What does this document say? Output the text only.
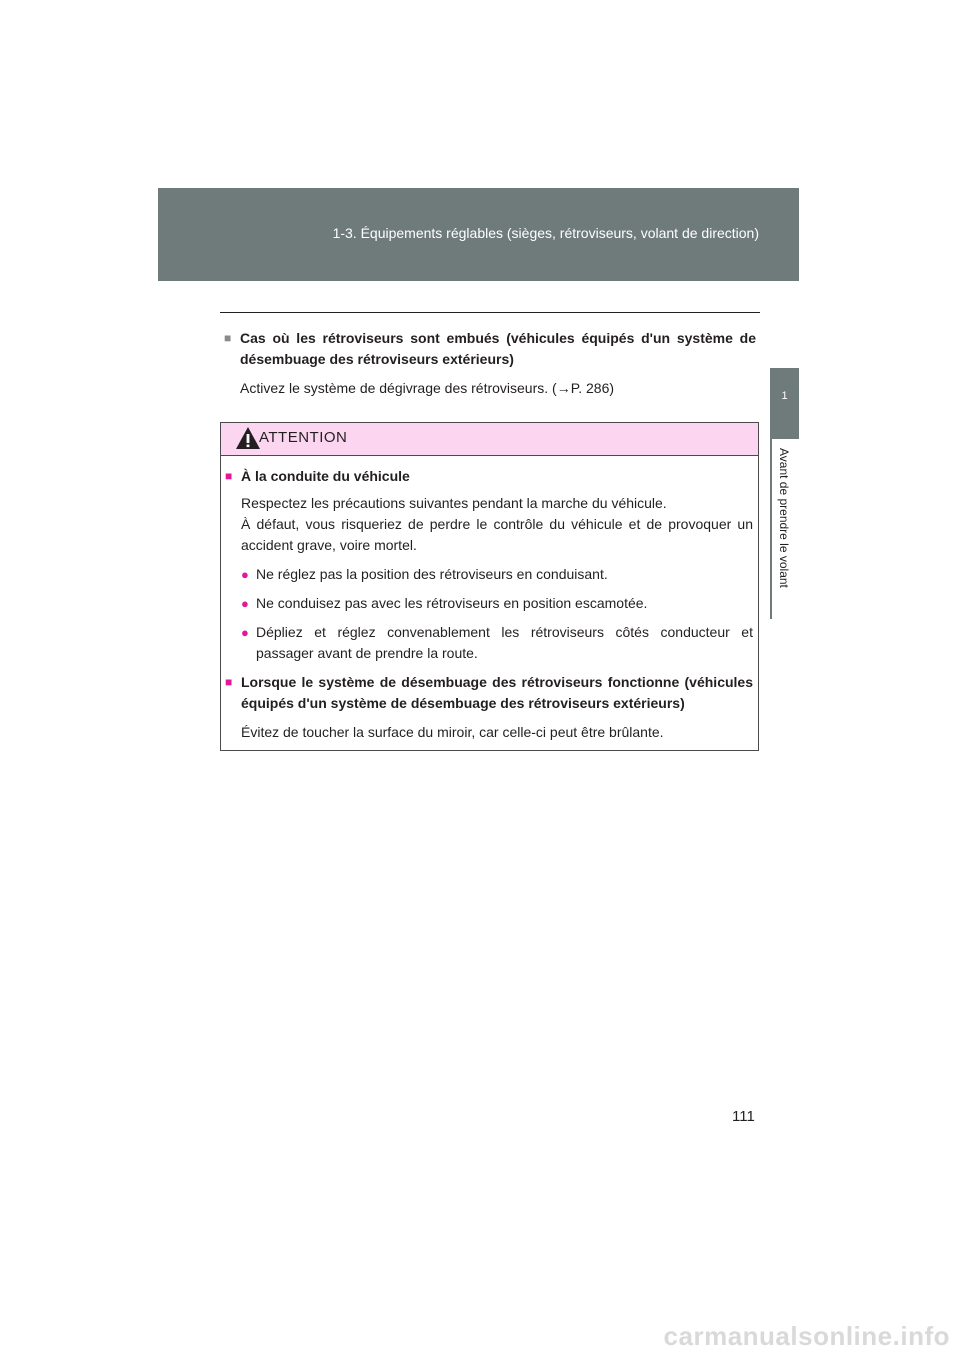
1-3. Équipements réglables (sièges, rétroviseurs, volant de direction)
1
Avant de prendre le volant
■ Cas où les rétroviseurs sont embués (véhicules équipés d'un système de désembuage des rétroviseurs extérieurs)
Activez le système de dégivrage des rétroviseurs. (→P. 286)
ATTENTION
■ À la conduite du véhicule
Respectez les précautions suivantes pendant la marche du véhicule.
À défaut, vous risqueriez de perdre le contrôle du véhicule et de provoquer un accident grave, voire mortel.
● Ne réglez pas la position des rétroviseurs en conduisant.
● Ne conduisez pas avec les rétroviseurs en position escamotée.
● Dépliez et réglez convenablement les rétroviseurs côtés conducteur et passager avant de prendre la route.
■ Lorsque le système de désembuage des rétroviseurs fonctionne (véhicules équipés d'un système de désembuage des rétroviseurs extérieurs)
Évitez de toucher la surface du miroir, car celle-ci peut être brûlante.
111
carmanualsonline.info
